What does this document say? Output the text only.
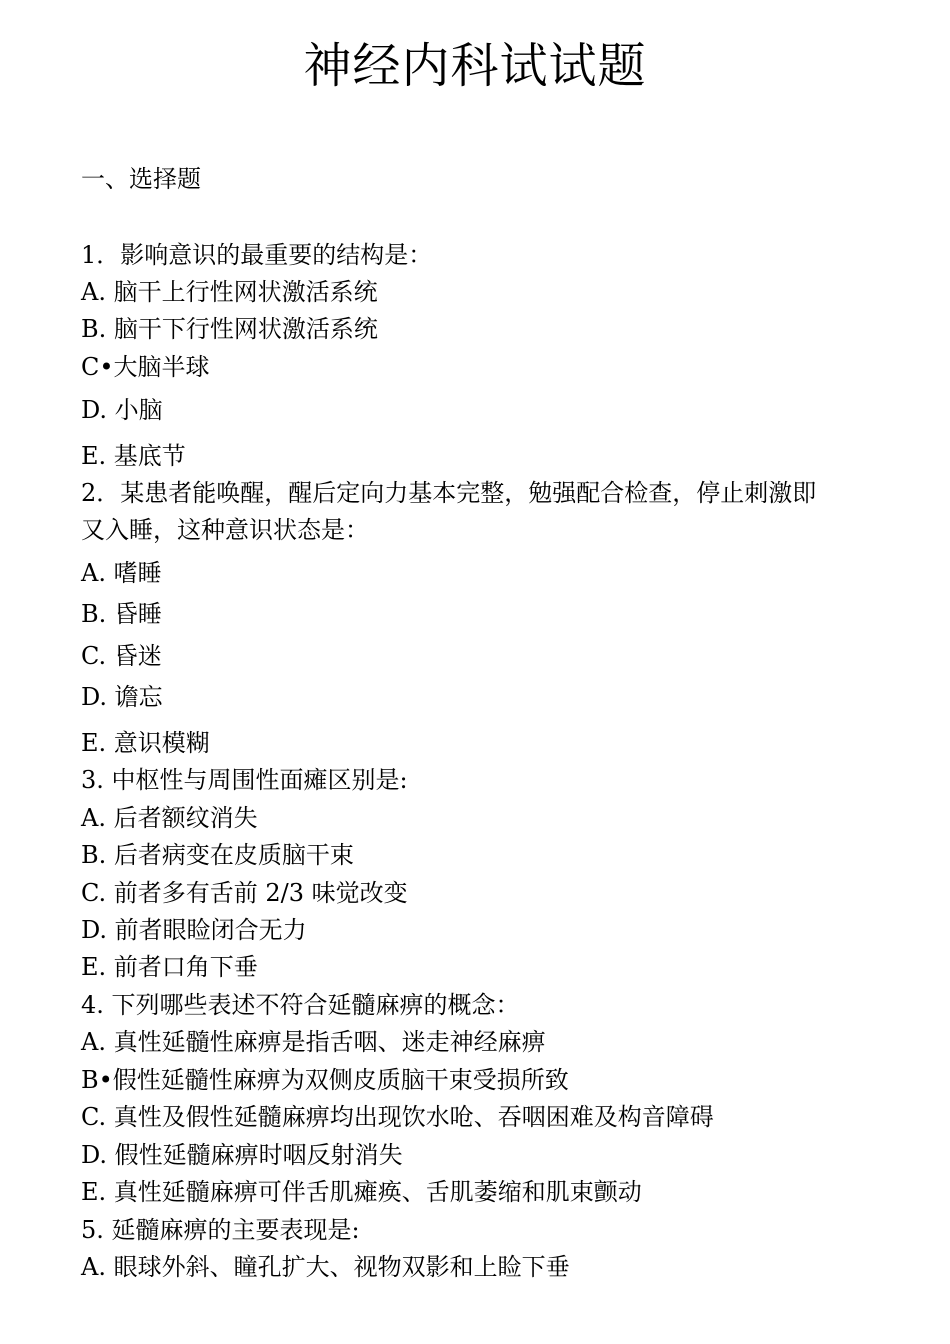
神经内科试试题
一、选择题
1．影响意识的最重要的结构是：
A. 脑干上行性网状激活系统
B. 脑干下行性网状激活系统
C•大脑半球
D. 小脑
E. 基底节
2．某患者能唤醒，醒后定向力基本完整，勉强配合检查，停止刺激即
又入睡，这种意识状态是：
A. 嗜睡
B. 昏睡
C. 昏迷
D. 谵忘
E. 意识模糊
3. 中枢性与周围性面瘫区别是:
A. 后者额纹消失
B. 后者病变在皮质脑干束
C. 前者多有舌前 2/3 味觉改变
D. 前者眼睑闭合无力
E. 前者口角下垂
4. 下列哪些表述不符合延髓麻痹的概念：
A. 真性延髓性麻痹是指舌咽、迷走神经麻痹
B•假性延髓性麻痹为双侧皮质脑干束受损所致
C. 真性及假性延髓麻痹均出现饮水呛、吞咽困难及构音障碍
D. 假性延髓麻痹时咽反射消失
E. 真性延髓麻痹可伴舌肌瘫痪、舌肌萎缩和肌束颤动
5. 延髓麻痹的主要表现是:
A. 眼球外斜、瞳孔扩大、视物双影和上睑下垂
